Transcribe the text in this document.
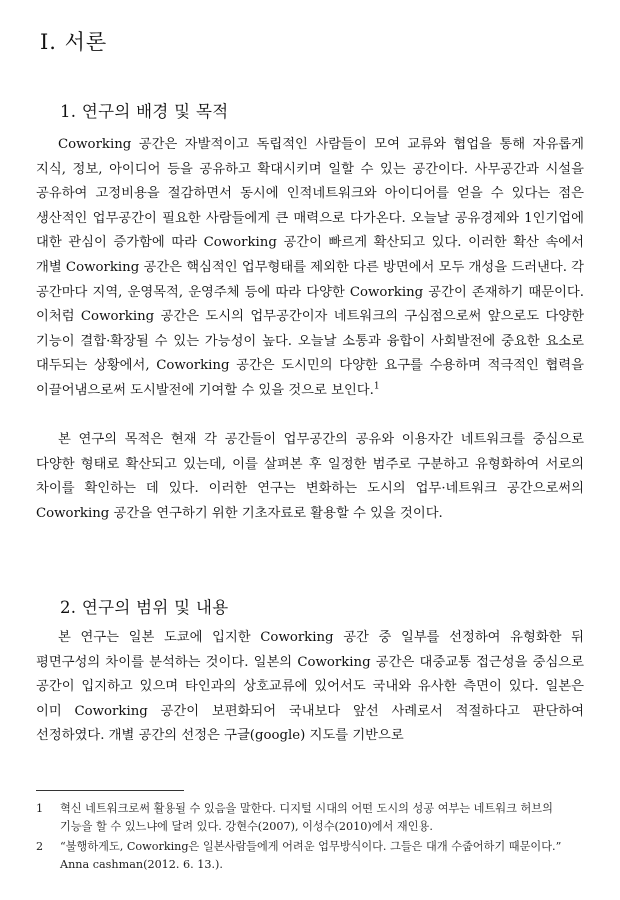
Ⅰ. 서론
1. 연구의 배경 및 목적

Coworking 공간은 자발적이고 독립적인 사람들이 모여 교류와 협업을 통해 자유롭게 지식, 정보, 아이디어 등을 공유하고 확대시키며 일할 수 있는 공간이다. 사무공간과 시설을 공유하여 고정비용을 절감하면서 동시에 인적네트워크와 아이디어를 얻을 수 있다는 점은 생산적인 업무공간이 필요한 사람들에게 큰 매력으로 다가온다. 오늘날 공유경제와 1인기업에 대한 관심이 증가함에 따라 Coworking 공간이 빠르게 확산되고 있다. 이러한 확산 속에서 개별 Coworking 공간은 핵심적인 업무형태를 제외한 다른 방면에서 모두 개성을 드러낸다. 각 공간마다 지역, 운영목적, 운영주체 등에 따라 다양한 Coworking 공간이 존재하기 때문이다. 이처럼 Coworking 공간은 도시의 업무공간이자 네트워크의 구심점으로써 앞으로도 다양한 기능이 결합·확장될 수 있는 가능성이 높다. 오늘날 소통과 융합이 사회발전에 중요한 요소로 대두되는 상황에서, Coworking 공간은 도시민의 다양한 요구를 수용하며 적극적인 협력을 이끌어냄으로써 도시발전에 기여할 수 있을 것으로 보인다.$^1$

본 연구의 목적은 현재 각 공간들이 업무공간의 공유와 이용자간 네트워크를 중심으로 다양한 형태로 확산되고 있는데, 이를 살펴본 후 일정한 범주로 구분하고 유형화하여 서로의 차이를 확인하는 데 있다. 이러한 연구는 변화하는 도시의 업무·네트워크 공간으로써의 Coworking 공간을 연구하기 위한 기초자료로 활용할 수 있을 것이다.

2. 연구의 범위 및 내용

본 연구는 일본 도쿄에 입지한 Coworking 공간 중 일부를 선정하여 유형화한 뒤 평면구성의 차이를 분석하는 것이다. 일본의 Coworking 공간은 대중교통 접근성을 중심으로 공간이 입지하고 있으며 타인과의 상호교류에 있어서도 국내와 유사한 측면이 있다. 일본은 이미 Coworking 공간이 보편화되어 국내보다 앞선 사례로서 적절하다고 판단하여 선정하였다. 개별 공간의 선정은 구글(google) 지도를 기반으로

1	혁신 네트워크로써 활용될 수 있음을 말한다. 디지털 시대의 어떤 도시의 성공 여부는 네트워크 허브의 기능을 할 수 있느냐에 달려 있다. 강현수(2007), 이성수(2010)에서 재인용.
2	“불행하게도, Coworking은 일본사람들에게 어려운 업무방식이다. 그들은 대개 수줍어하기 때문이다.” Anna cashman(2012. 6. 13.).
